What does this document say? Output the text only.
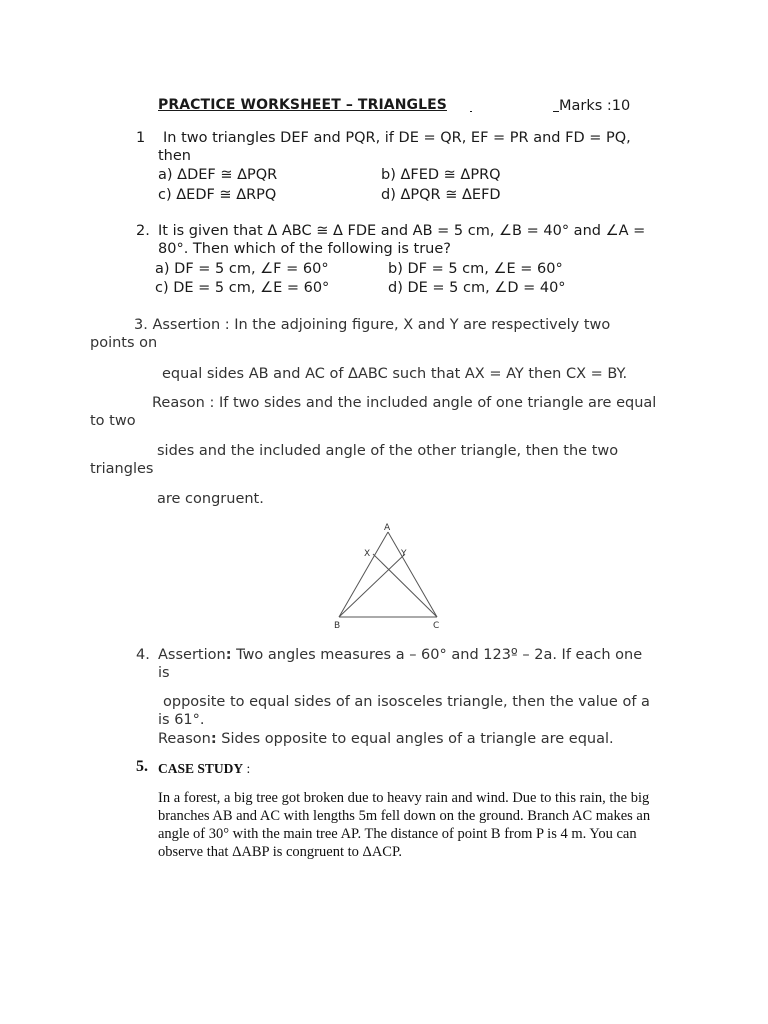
PRACTICE WORKSHEET – TRIANGLES	Marks :10
1 In two triangles DEF and PQR, if DE = QR, EF = PR and FD = PQ,
then
a) ΔDEF ≅ ΔPQR	b) ΔFED ≅ ΔPRQ
c) ΔEDF ≅ ΔRPQ	d) ΔPQR ≅ ΔEFD
2. It is given that Δ ABC ≅ Δ FDE and AB = 5 cm, ∠B = 40° and ∠A =
80°. Then which of the following is true?
a) DF = 5 cm, ∠F = 60°	b) DF = 5 cm, ∠E = 60°
c) DE = 5 cm, ∠E = 60°	d) DE = 5 cm, ∠D = 40°
3. Assertion : In the adjoining figure, X and Y are respectively two
points on
equal sides AB and AC of ΔABC such that AX = AY then CX = BY.
Reason : If two sides and the included angle of one triangle are equal
to two
sides and the included angle of the other triangle, then the two
triangles
are congruent.
A
B	C
X	Y
4. Assertion: Two angles measures a – 60° and 123º – 2a. If each one
is
opposite to equal sides of an isosceles triangle, then the value of a
is 61°.
Reason: Sides opposite to equal angles of a triangle are equal.
5. CASE STUDY :
In a forest, a big tree got broken due to heavy rain and wind. Due to this rain, the big
branches AB and AC with lengths 5m fell down on the ground. Branch AC makes an
angle of 30° with the main tree AP. The distance of point B from P is 4 m. You can
observe that ΔABP is congruent to ΔACP.
